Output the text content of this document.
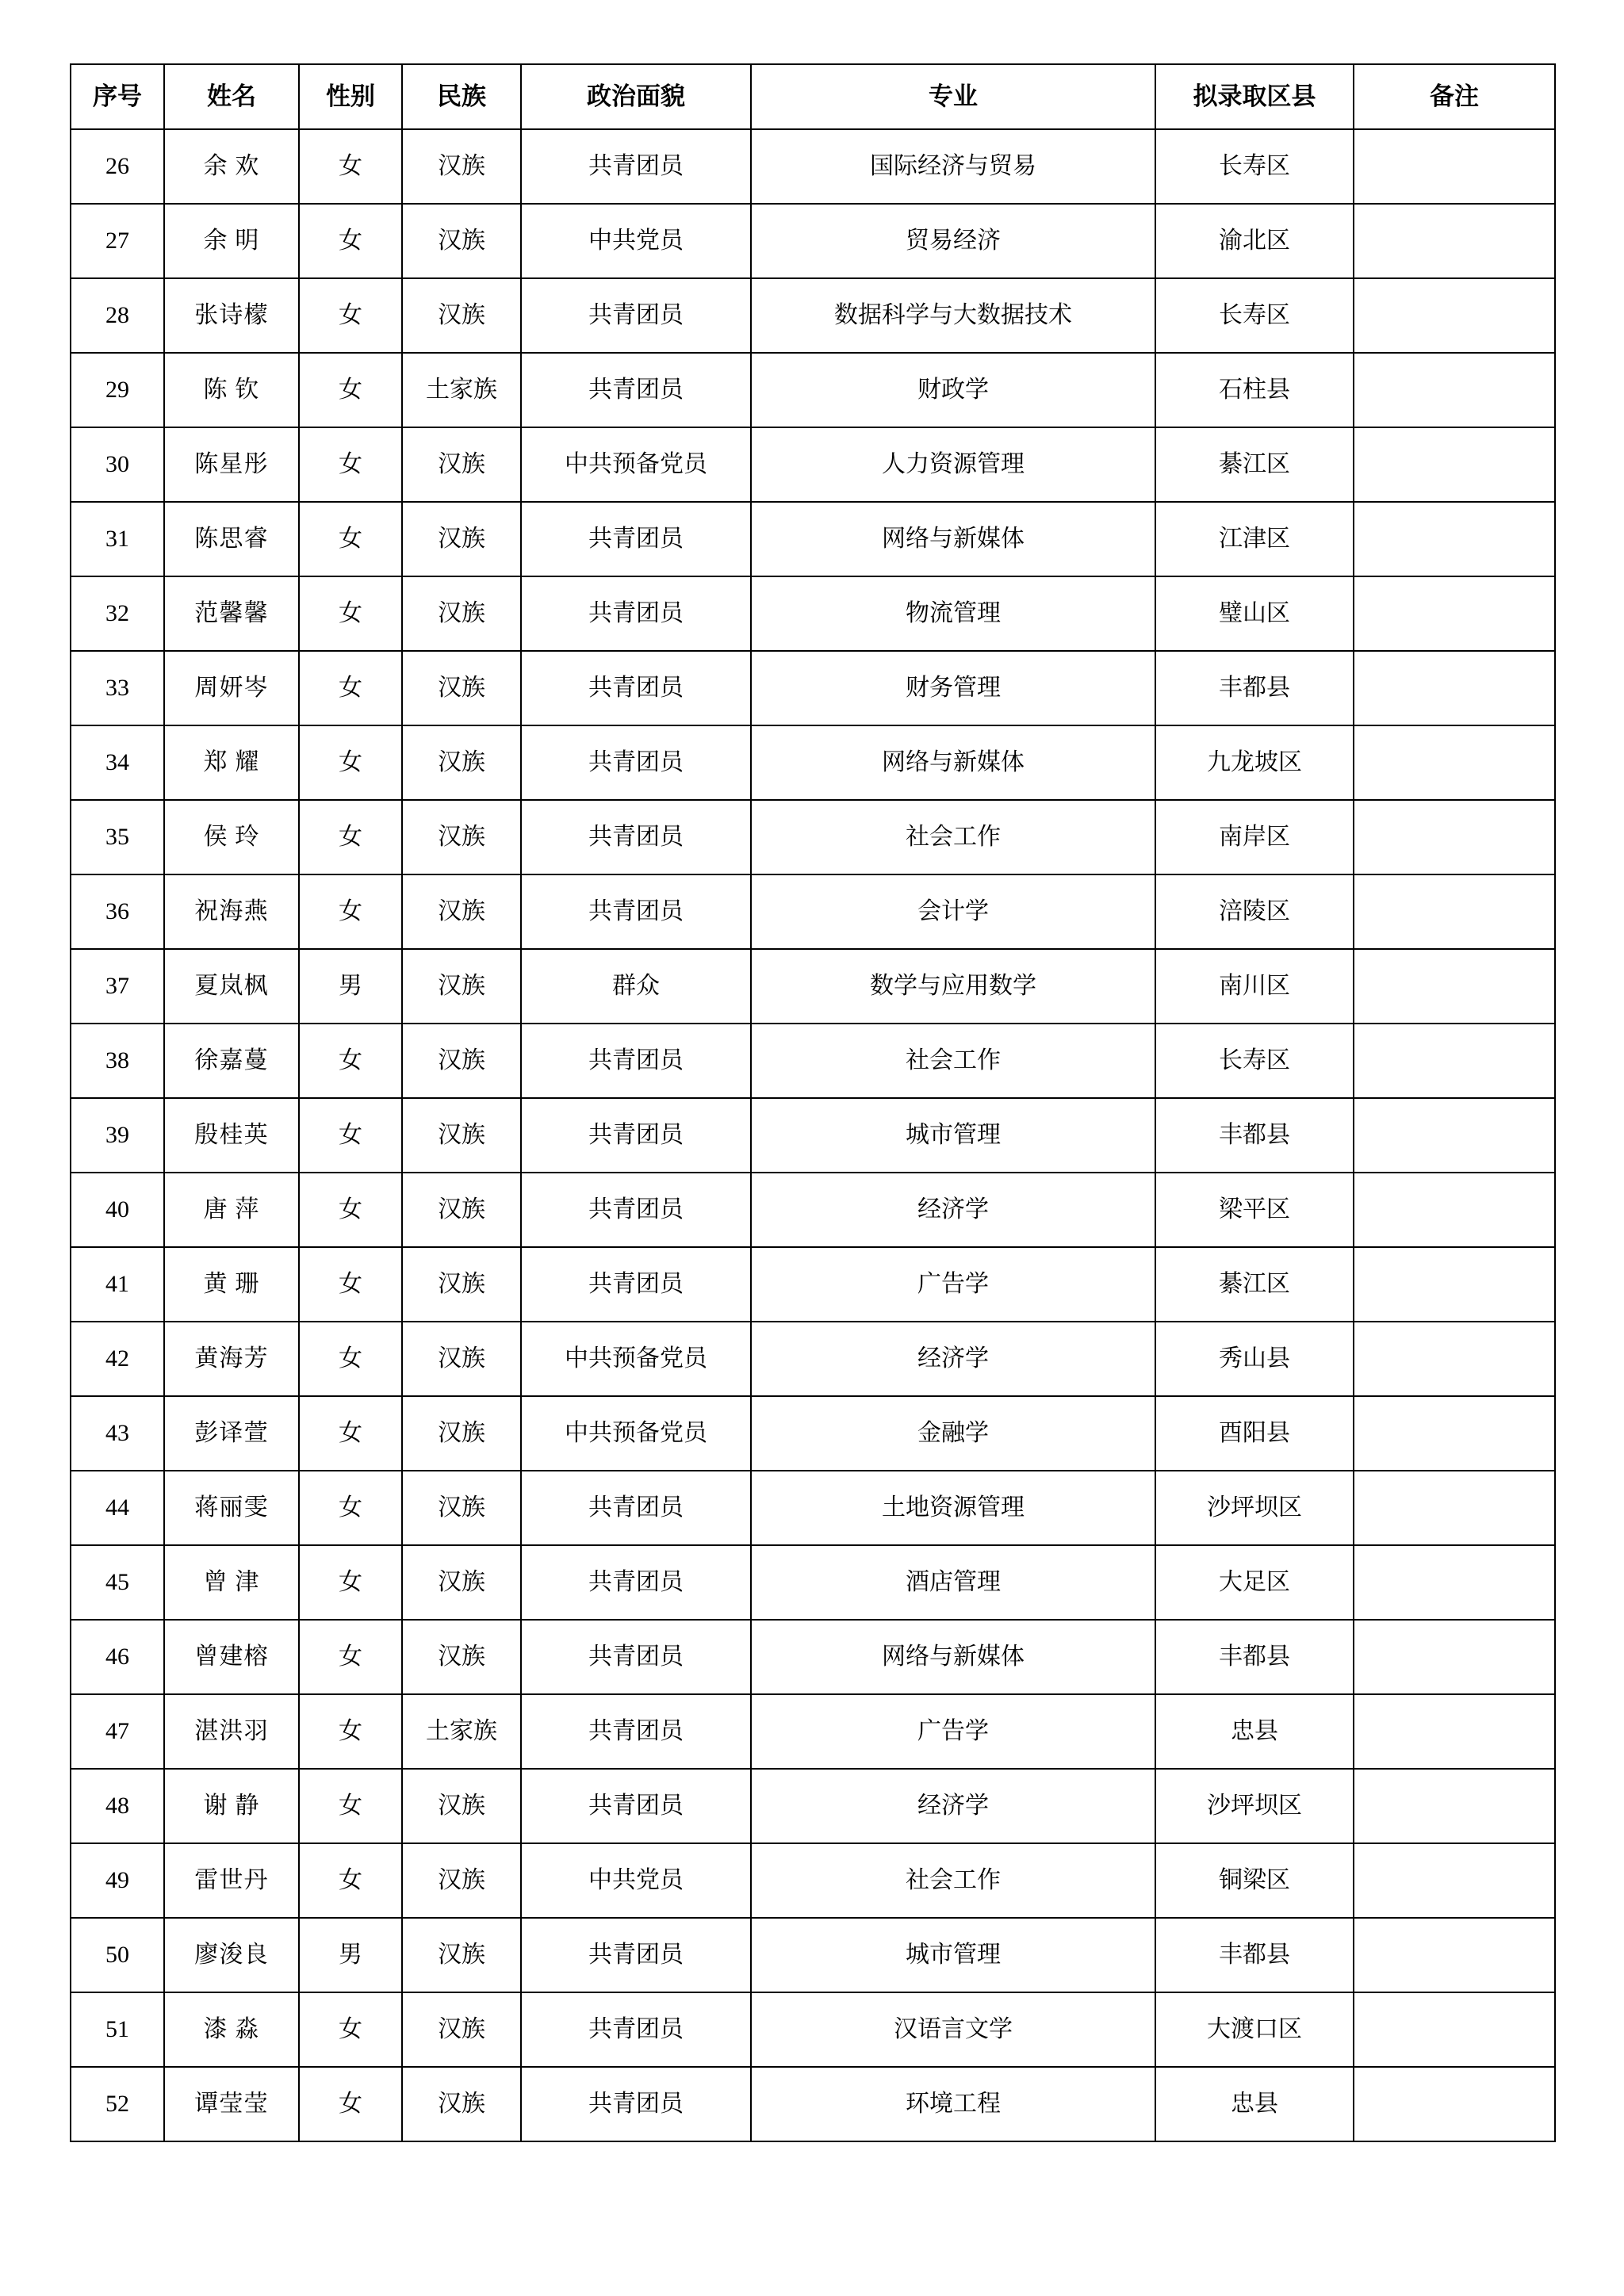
序号	姓名	性别	民族	政治面貌	专业	拟录取区县	备注
26	余 欢	女	汉族	共青团员	国际经济与贸易	长寿区	
27	余 明	女	汉族	中共党员	贸易经济	渝北区	
28	张诗檬	女	汉族	共青团员	数据科学与大数据技术	长寿区	
29	陈 钦	女	土家族	共青团员	财政学	石柱县	
30	陈星彤	女	汉族	中共预备党员	人力资源管理	綦江区	
31	陈思睿	女	汉族	共青团员	网络与新媒体	江津区	
32	范馨馨	女	汉族	共青团员	物流管理	璧山区	
33	周妍岑	女	汉族	共青团员	财务管理	丰都县	
34	郑 耀	女	汉族	共青团员	网络与新媒体	九龙坡区	
35	侯 玲	女	汉族	共青团员	社会工作	南岸区	
36	祝海燕	女	汉族	共青团员	会计学	涪陵区	
37	夏岚枫	男	汉族	群众	数学与应用数学	南川区	
38	徐嘉蔓	女	汉族	共青团员	社会工作	长寿区	
39	殷桂英	女	汉族	共青团员	城市管理	丰都县	
40	唐 萍	女	汉族	共青团员	经济学	梁平区	
41	黄 珊	女	汉族	共青团员	广告学	綦江区	
42	黄海芳	女	汉族	中共预备党员	经济学	秀山县	
43	彭译萱	女	汉族	中共预备党员	金融学	酉阳县	
44	蒋丽雯	女	汉族	共青团员	土地资源管理	沙坪坝区	
45	曾 津	女	汉族	共青团员	酒店管理	大足区	
46	曾建榕	女	汉族	共青团员	网络与新媒体	丰都县	
47	湛洪羽	女	土家族	共青团员	广告学	忠县	
48	谢 静	女	汉族	共青团员	经济学	沙坪坝区	
49	雷世丹	女	汉族	中共党员	社会工作	铜梁区	
50	廖浚良	男	汉族	共青团员	城市管理	丰都县	
51	漆 淼	女	汉族	共青团员	汉语言文学	大渡口区	
52	谭莹莹	女	汉族	共青团员	环境工程	忠县	
